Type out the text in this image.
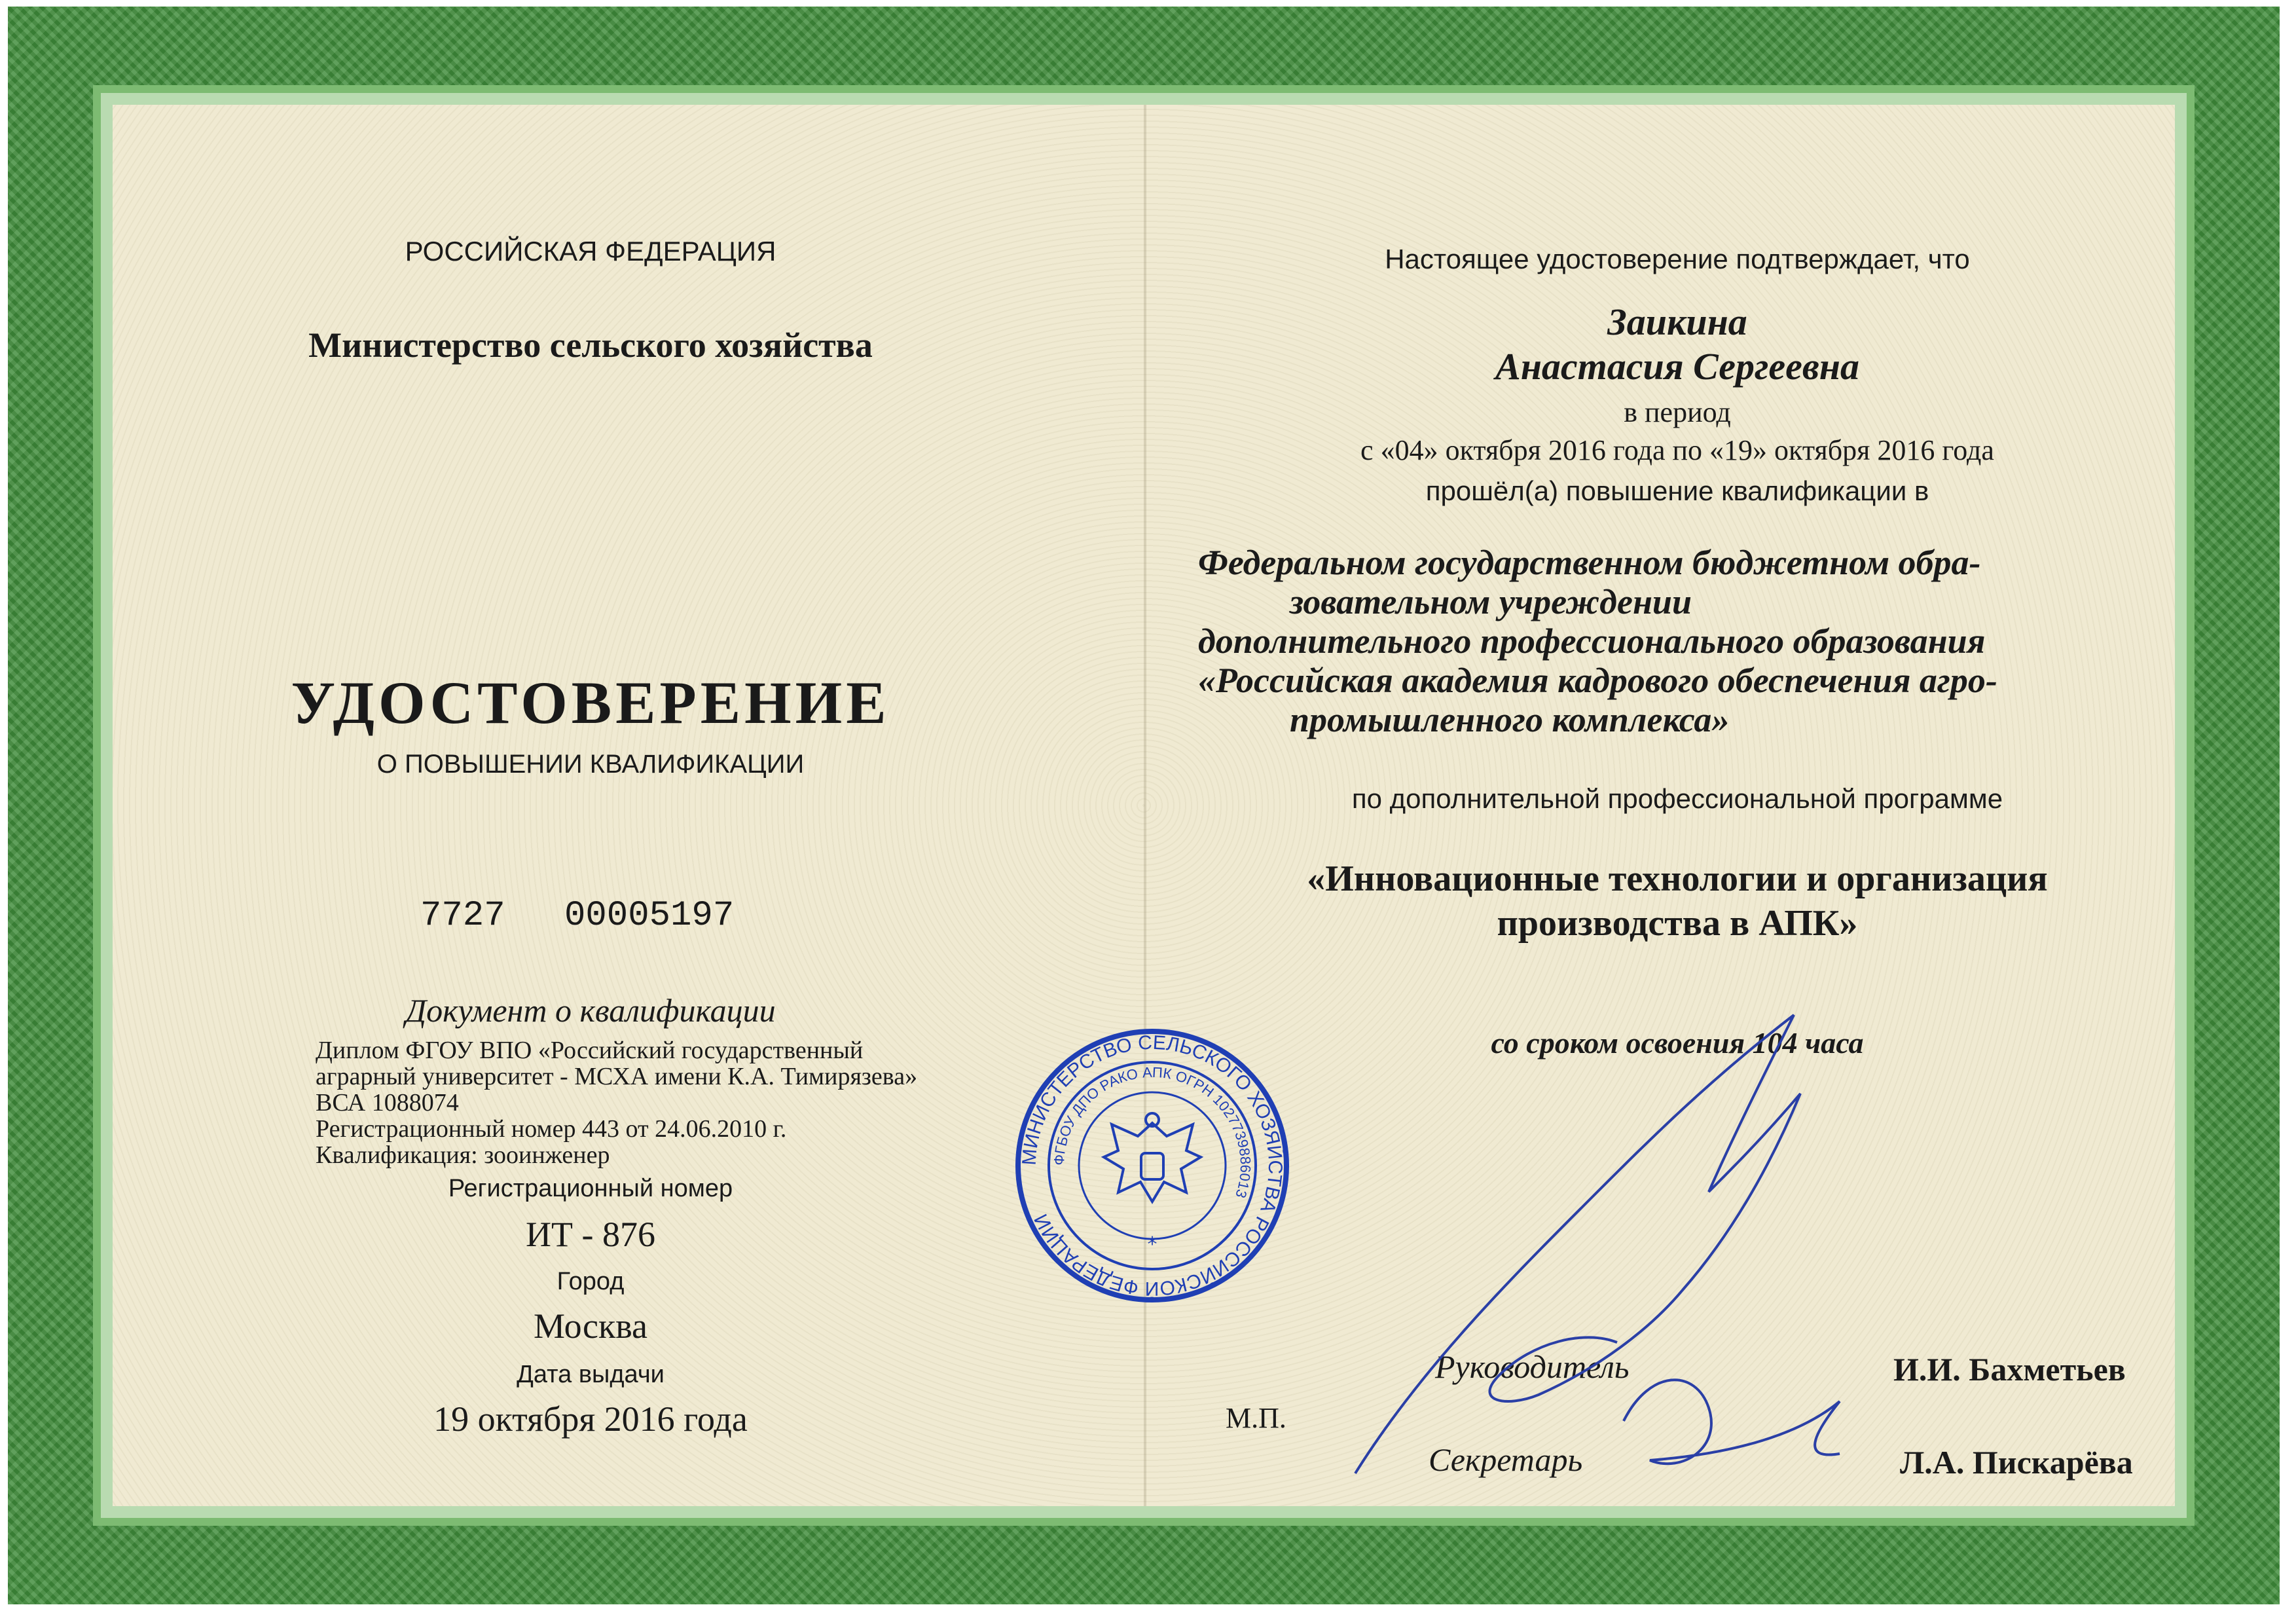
РОССИЙСКАЯ ФЕДЕРАЦИЯ
Министерство сельского хозяйства
УДОСТОВЕРЕНИЕ
О ПОВЫШЕНИИ КВАЛИФИКАЦИИ
7727 00005197
Документ о квалификации
Диплом ФГОУ ВПО «Российский государственный
аграрный университет - МСХА имени К.А. Тимирязева»
ВСА 1088074
Регистрационный номер 443 от 24.06.2010 г.
Квалификация: зооинженер
Регистрационный номер
ИТ - 876
Город
Москва
Дата выдачи
19 октября 2016 года
Настоящее удостоверение подтверждает, что
Заикина
Анастасия Сергеевна
в период
с «04» октября 2016 года по «19» октября 2016 года
прошёл(а) повышение квалификации в
Федеральном государственном бюджетном обра-
зовательном учреждении
дополнительного профессионального образования
«Российская академия кадрового обеспечения агро-
промышленного комплекса»
по дополнительной профессиональной программе
«Инновационные технологии и организация
производства в АПК»
со сроком освоения 104 часа
Руководитель	И.И. Бахметьев
Секретарь	Л.А. Пискарёва
М.П.
МИНИСТЕРСТВО СЕЛЬСКОГО ХОЗЯЙСТВА РОССИЙСКОЙ ФЕДЕРАЦИИ
ФГБОУ ДПО РАКО АПК ОГРН 1027739886013
*
